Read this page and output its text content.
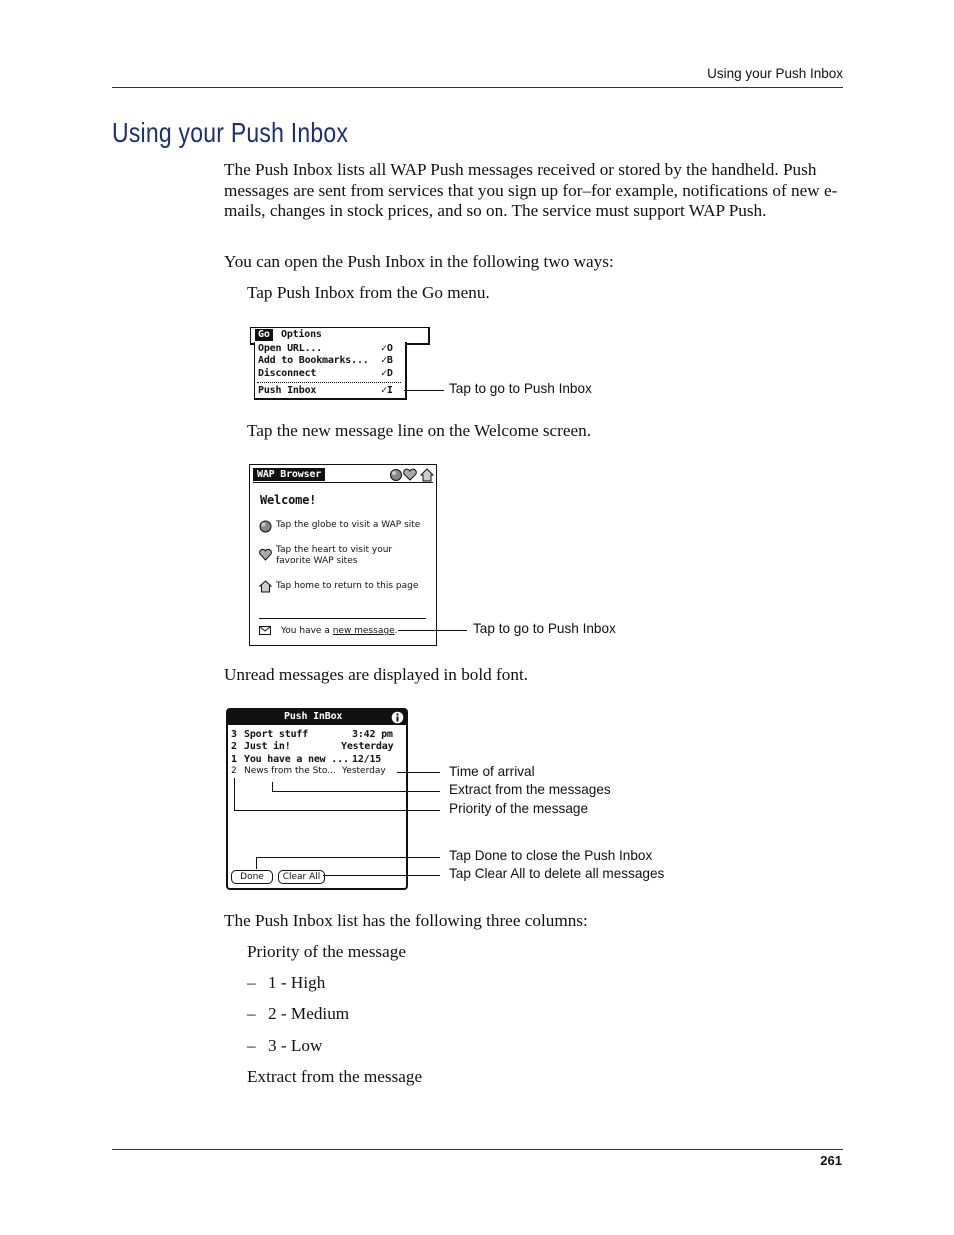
Using your Push Inbox
Using your Push Inbox
The Push Inbox lists all WAP Push messages received or stored by the handheld. Push messages are sent from services that you sign up for–for example, notifications of new e-mails, changes in stock prices, and so on. The service must support WAP Push.
You can open the Push Inbox in the following two ways:
Tap Push Inbox from the Go menu.
Go	Options
Open URL...	✓O
Add to Bookmarks... ✓B
Disconnect	✓D
Push Inbox	✓I	Tap to go to Push Inbox
Tap the new message line on the Welcome screen.
WAP Browser
Welcome!
Tap the globe to visit a WAP site
Tap the heart to visit your
favorite WAP sites
Tap home to return to this page
You have a new message.	Tap to go to Push Inbox
Unread messages are displayed in bold font.
Push InBox
3 Sport stuff	3:42 pm
2 Just in!	Yesterday
1 You have a new ... 12/15
2 News from the Sto... Yesterday
Done	Clear All
Time of arrival
Extract from the messages
Priority of the message
Tap Done to close the Push Inbox
Tap Clear All to delete all messages
The Push Inbox list has the following three columns:
Priority of the message
– 1 - High
– 2 - Medium
– 3 - Low
Extract from the message
261
